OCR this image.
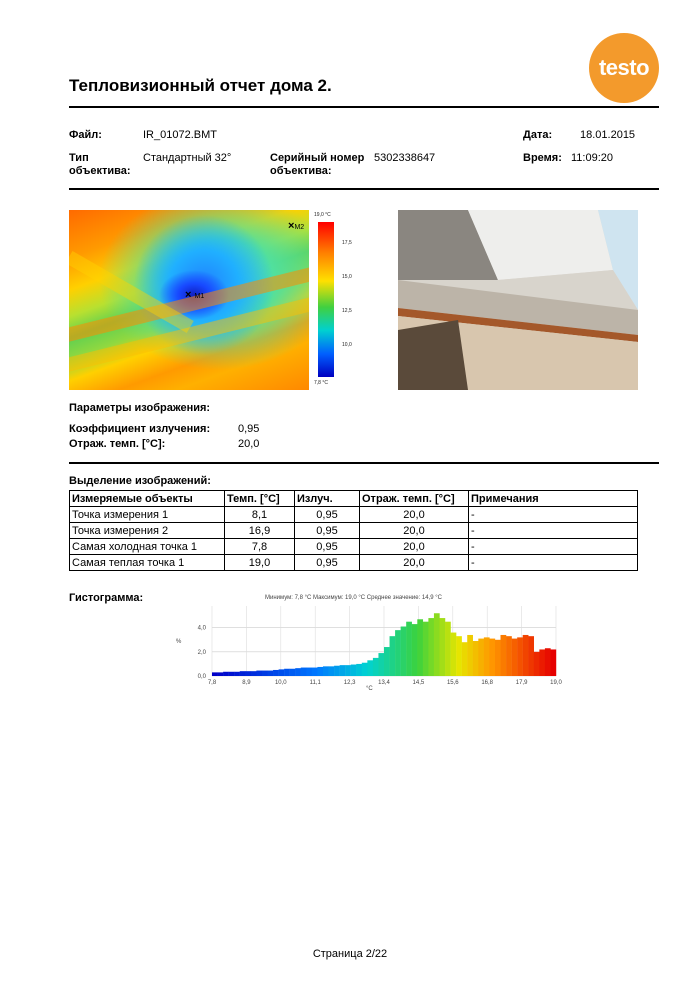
Тепловизионный отчет дома 2.
testo
Файл:	IR_01072.BMT	Дата:	18.01.2015
Тип
объектива:
Стандартный 32°	Серийный номер
объектива:
5302338647	Время: 11:09:20
× M1
×M2
19,0 °C
17,5
15,0
12,5
10,0
7,8 °C
Параметры изображения:
Коэффициент излучения:	0,95
Отраж. темп. [°C]:	20,0
Выделение изображений:
Измеряемые объекты	Темп. [°C]	Излуч.	Отраж. темп. [°C]	Примечания
Точка измерения 1	8,1	0,95	20,0	-
Точка измерения 2	16,9	0,95	20,0	-
Самая холодная точка 1	7,8	0,95	20,0	-
Самая теплая точка 1	19,0	0,95	20,0	-
Гистограмма:	Минимум: 7,8 °C Максимум: 19,0 °C Среднее значение: 14,9 °C
%
°C
4,0
2,0
0,0
7,8	8,9	10,0	11,1	12,3	13,4	14,5	15,6	16,8	17,9	19,0
Страница 2/22
